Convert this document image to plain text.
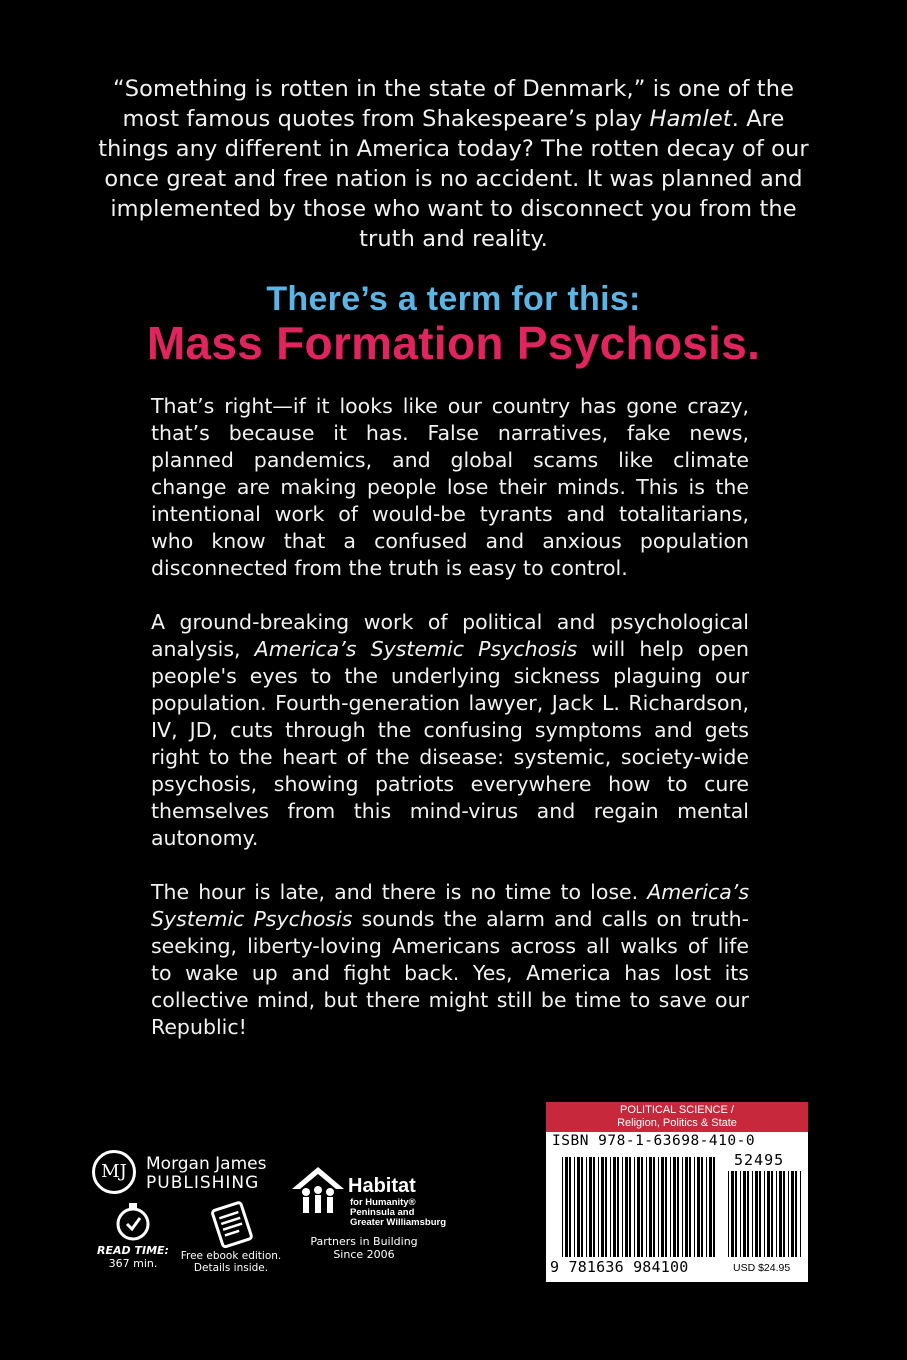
“Something is rotten in the state of Denmark,” is one of the most famous quotes from Shakespeare’s play Hamlet. Are things any different in America today? The rotten decay of our once great and free nation is no accident. It was planned and implemented by those who want to disconnect you from the truth and reality.
There’s a term for this:
Mass Formation Psychosis.

That’s right—if it looks like our country has gone crazy, that’s because it has. False narratives, fake news, planned pandemics, and global scams like climate change are making people lose their minds. This is the intentional work of would-be tyrants and totalitarians, who know that a confused and anxious population disconnected from the truth is easy to control.

A ground-breaking work of political and psychological analysis, America’s Systemic Psychosis will help open people's eyes to the underlying sickness plaguing our population. Fourth-generation lawyer, Jack L. Richardson, IV, JD, cuts through the confusing symptoms and gets right to the heart of the disease: systemic, society-wide psychosis, showing patriots everywhere how to cure themselves from this mind-virus and regain mental autonomy.

The hour is late, and there is no time to lose. America’s Systemic Psychosis sounds the alarm and calls on truth-seeking, liberty-loving Americans across all walks of life to wake up and fight back. Yes, America has lost its collective mind, but there might still be time to save our Republic!

MJ	Morgan James
PUBLISHING
READ TIME:
367 min.
Free ebook edition.
Details inside.
Habitat
for Humanity®
Peninsula and
Greater Williamsburg
Partners in Building
Since 2006
POLITICAL SCIENCE /
Religion, Politics & State
ISBN 978-1-63698-410-0
52495
9 781636 984100	USD $24.95
